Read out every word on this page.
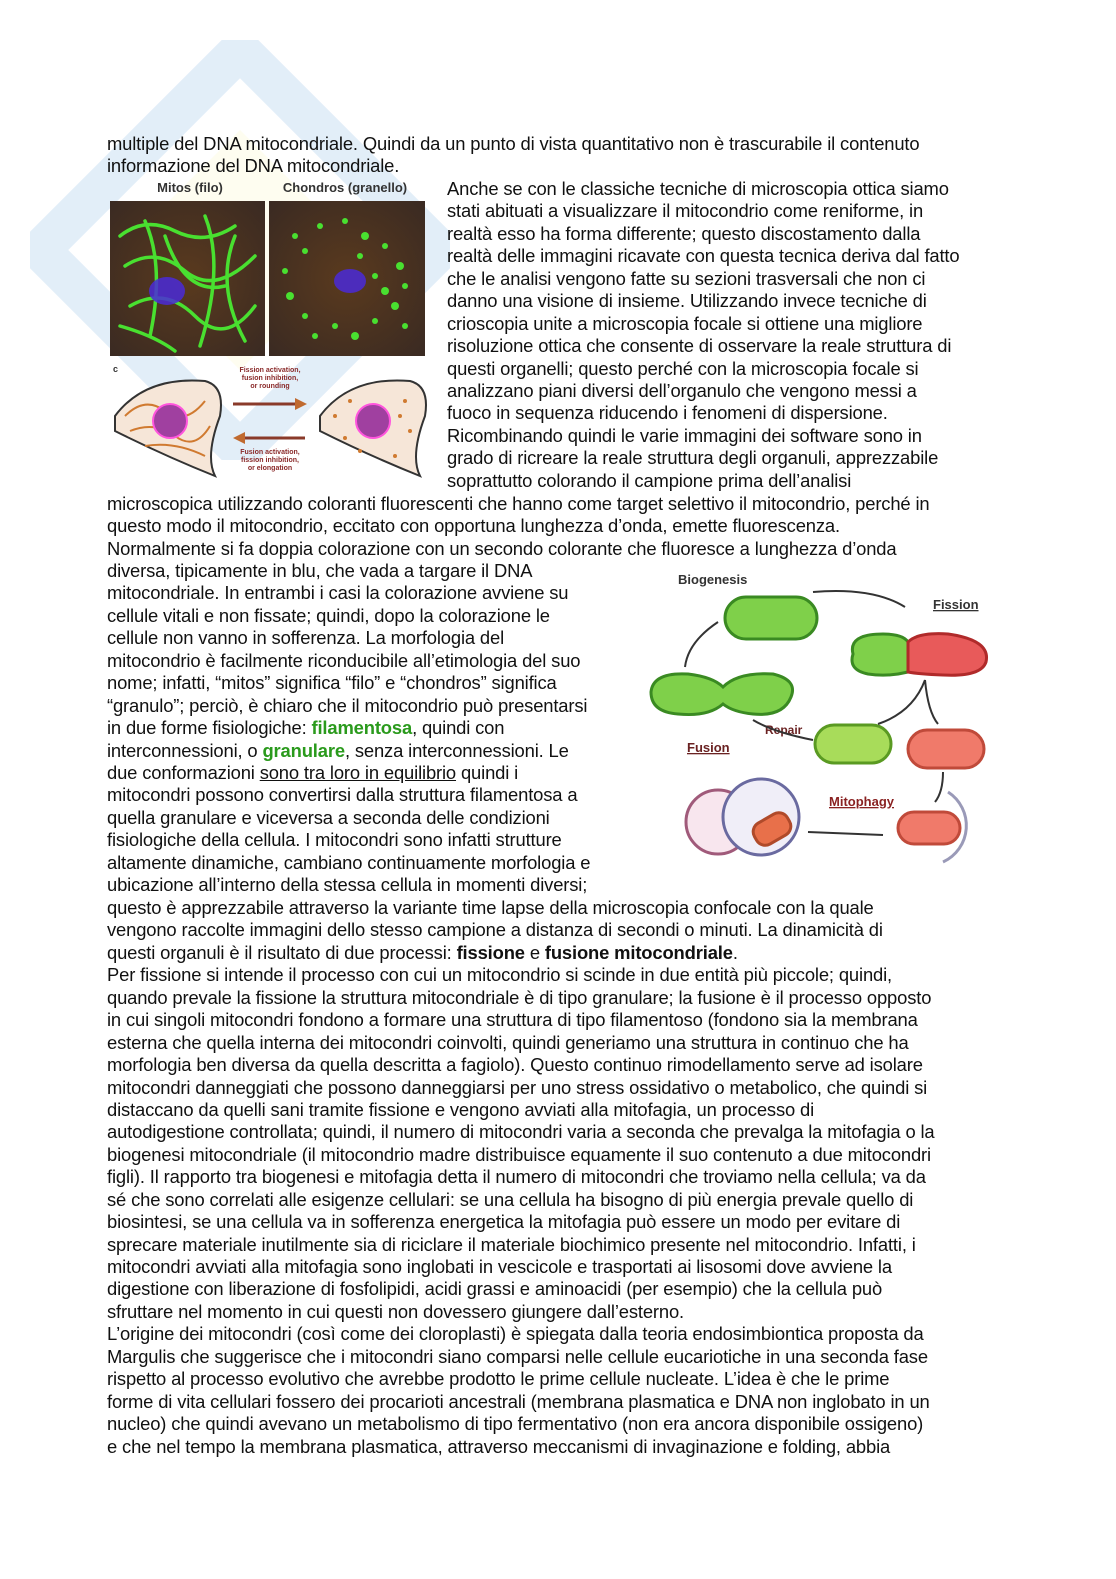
multiple del DNA mitocondriale. Quindi da un punto di vista quantitativo non è trascurabile il contenuto
informazione del DNA mitocondriale.
Anche se con le classiche tecniche di microscopia ottica siamo
stati abituati a visualizzare il mitocondrio come reniforme, in
realtà esso ha forma differente; questo discostamento dalla
realtà delle immagini ricavate con questa tecnica deriva dal fatto
che le analisi vengono fatte su sezioni trasversali che non ci
danno una visione di insieme. Utilizzando invece tecniche di
crioscopia unite a microscopia focale si ottiene una migliore
risoluzione ottica che consente di osservare la reale struttura di
questi organelli; questo perché con la microscopia focale si
analizzano piani diversi dell’organulo che vengono messi a
fuoco in sequenza riducendo i fenomeni di dispersione.
Ricombinando quindi le varie immagini dei software sono in
grado di ricreare la reale struttura degli organuli, apprezzabile
soprattutto colorando il campione prima dell’analisi
microscopica utilizzando coloranti fluorescenti che hanno come target selettivo il mitocondrio, perché in
questo modo il mitocondrio, eccitato con opportuna lunghezza d’onda, emette fluorescenza.
Normalmente si fa doppia colorazione con un secondo colorante che fluoresce a lunghezza d’onda
diversa, tipicamente in blu, che vada a targare il DNA
mitocondriale. In entrambi i casi la colorazione avviene su
cellule vitali e non fissate; quindi, dopo la colorazione le
cellule non vanno in sofferenza. La morfologia del
mitocondrio è facilmente riconducibile all’etimologia del suo
nome; infatti, “mitos” significa “filo” e “chondros” significa
“granulo”; perciò, è chiaro che il mitocondrio può presentarsi
in due forme fisiologiche: filamentosa, quindi con
interconnessioni, o granulare, senza interconnessioni. Le
due conformazioni sono tra loro in equilibrio quindi i
mitocondri possono convertirsi dalla struttura filamentosa a
quella granulare e viceversa a seconda delle condizioni
fisiologiche della cellula. I mitocondri sono infatti strutture
altamente dinamiche, cambiano continuamente morfologia e
ubicazione all’interno della stessa cellula in momenti diversi;
questo è apprezzabile attraverso la variante time lapse della microscopia confocale con la quale
vengono raccolte immagini dello stesso campione a distanza di secondi o minuti. La dinamicità di
questi organuli è il risultato di due processi: fissione e fusione mitocondriale.
Per fissione si intende il processo con cui un mitocondrio si scinde in due entità più piccole; quindi,
quando prevale la fissione la struttura mitocondriale è di tipo granulare; la fusione è il processo opposto
in cui singoli mitocondri fondono a formare una struttura di tipo filamentoso (fondono sia la membrana
esterna che quella interna dei mitocondri coinvolti, quindi generiamo una struttura in continuo che ha
morfologia ben diversa da quella descritta a fagiolo). Questo continuo rimodellamento serve ad isolare
mitocondri danneggiati che possono danneggiarsi per uno stress ossidativo o metabolico, che quindi si
distaccano da quelli sani tramite fissione e vengono avviati alla mitofagia, un processo di
autodigestione controllata; quindi, il numero di mitocondri varia a seconda che prevalga la mitofagia o la
biogenesi mitocondriale (il mitocondrio madre distribuisce equamente il suo contenuto a due mitocondri
figli). Il rapporto tra biogenesi e mitofagia detta il numero di mitocondri che troviamo nella cellula; va da
sé che sono correlati alle esigenze cellulari: se una cellula ha bisogno di più energia prevale quello di
biosintesi, se una cellula va in sofferenza energetica la mitofagia può essere un modo per evitare di
sprecare materiale inutilmente sia di riciclare il materiale biochimico presente nel mitocondrio. Infatti, i
mitocondri avviati alla mitofagia sono inglobati in vescicole e trasportati ai lisosomi dove avviene la
digestione con liberazione di fosfolipidi, acidi grassi e aminoacidi (per esempio) che la cellula può
sfruttare nel momento in cui questi non dovessero giungere dall’esterno.
L’origine dei mitocondri (così come dei cloroplasti) è spiegata dalla teoria endosimbiontica proposta da
Margulis che suggerisce che i mitocondri siano comparsi nelle cellule eucariotiche in una seconda fase
rispetto al processo evolutivo che avrebbe prodotto le prime cellule nucleate. L’idea è che le prime
forme di vita cellulari fossero dei procarioti ancestrali (membrana plasmatica e DNA non inglobato in un
nucleo) che quindi avevano un metabolismo di tipo fermentativo (non era ancora disponibile ossigeno)
e che nel tempo la membrana plasmatica, attraverso meccanismi di invaginazione e folding, abbia
Mitos (filo)	Chondros (granello)
c	Fission activation,
fusion inhibition,
or rounding
Fusion activation,
fission inhibition,
or elongation
Biogenesis
Fission
Repair
Fusion
Mitophagy
